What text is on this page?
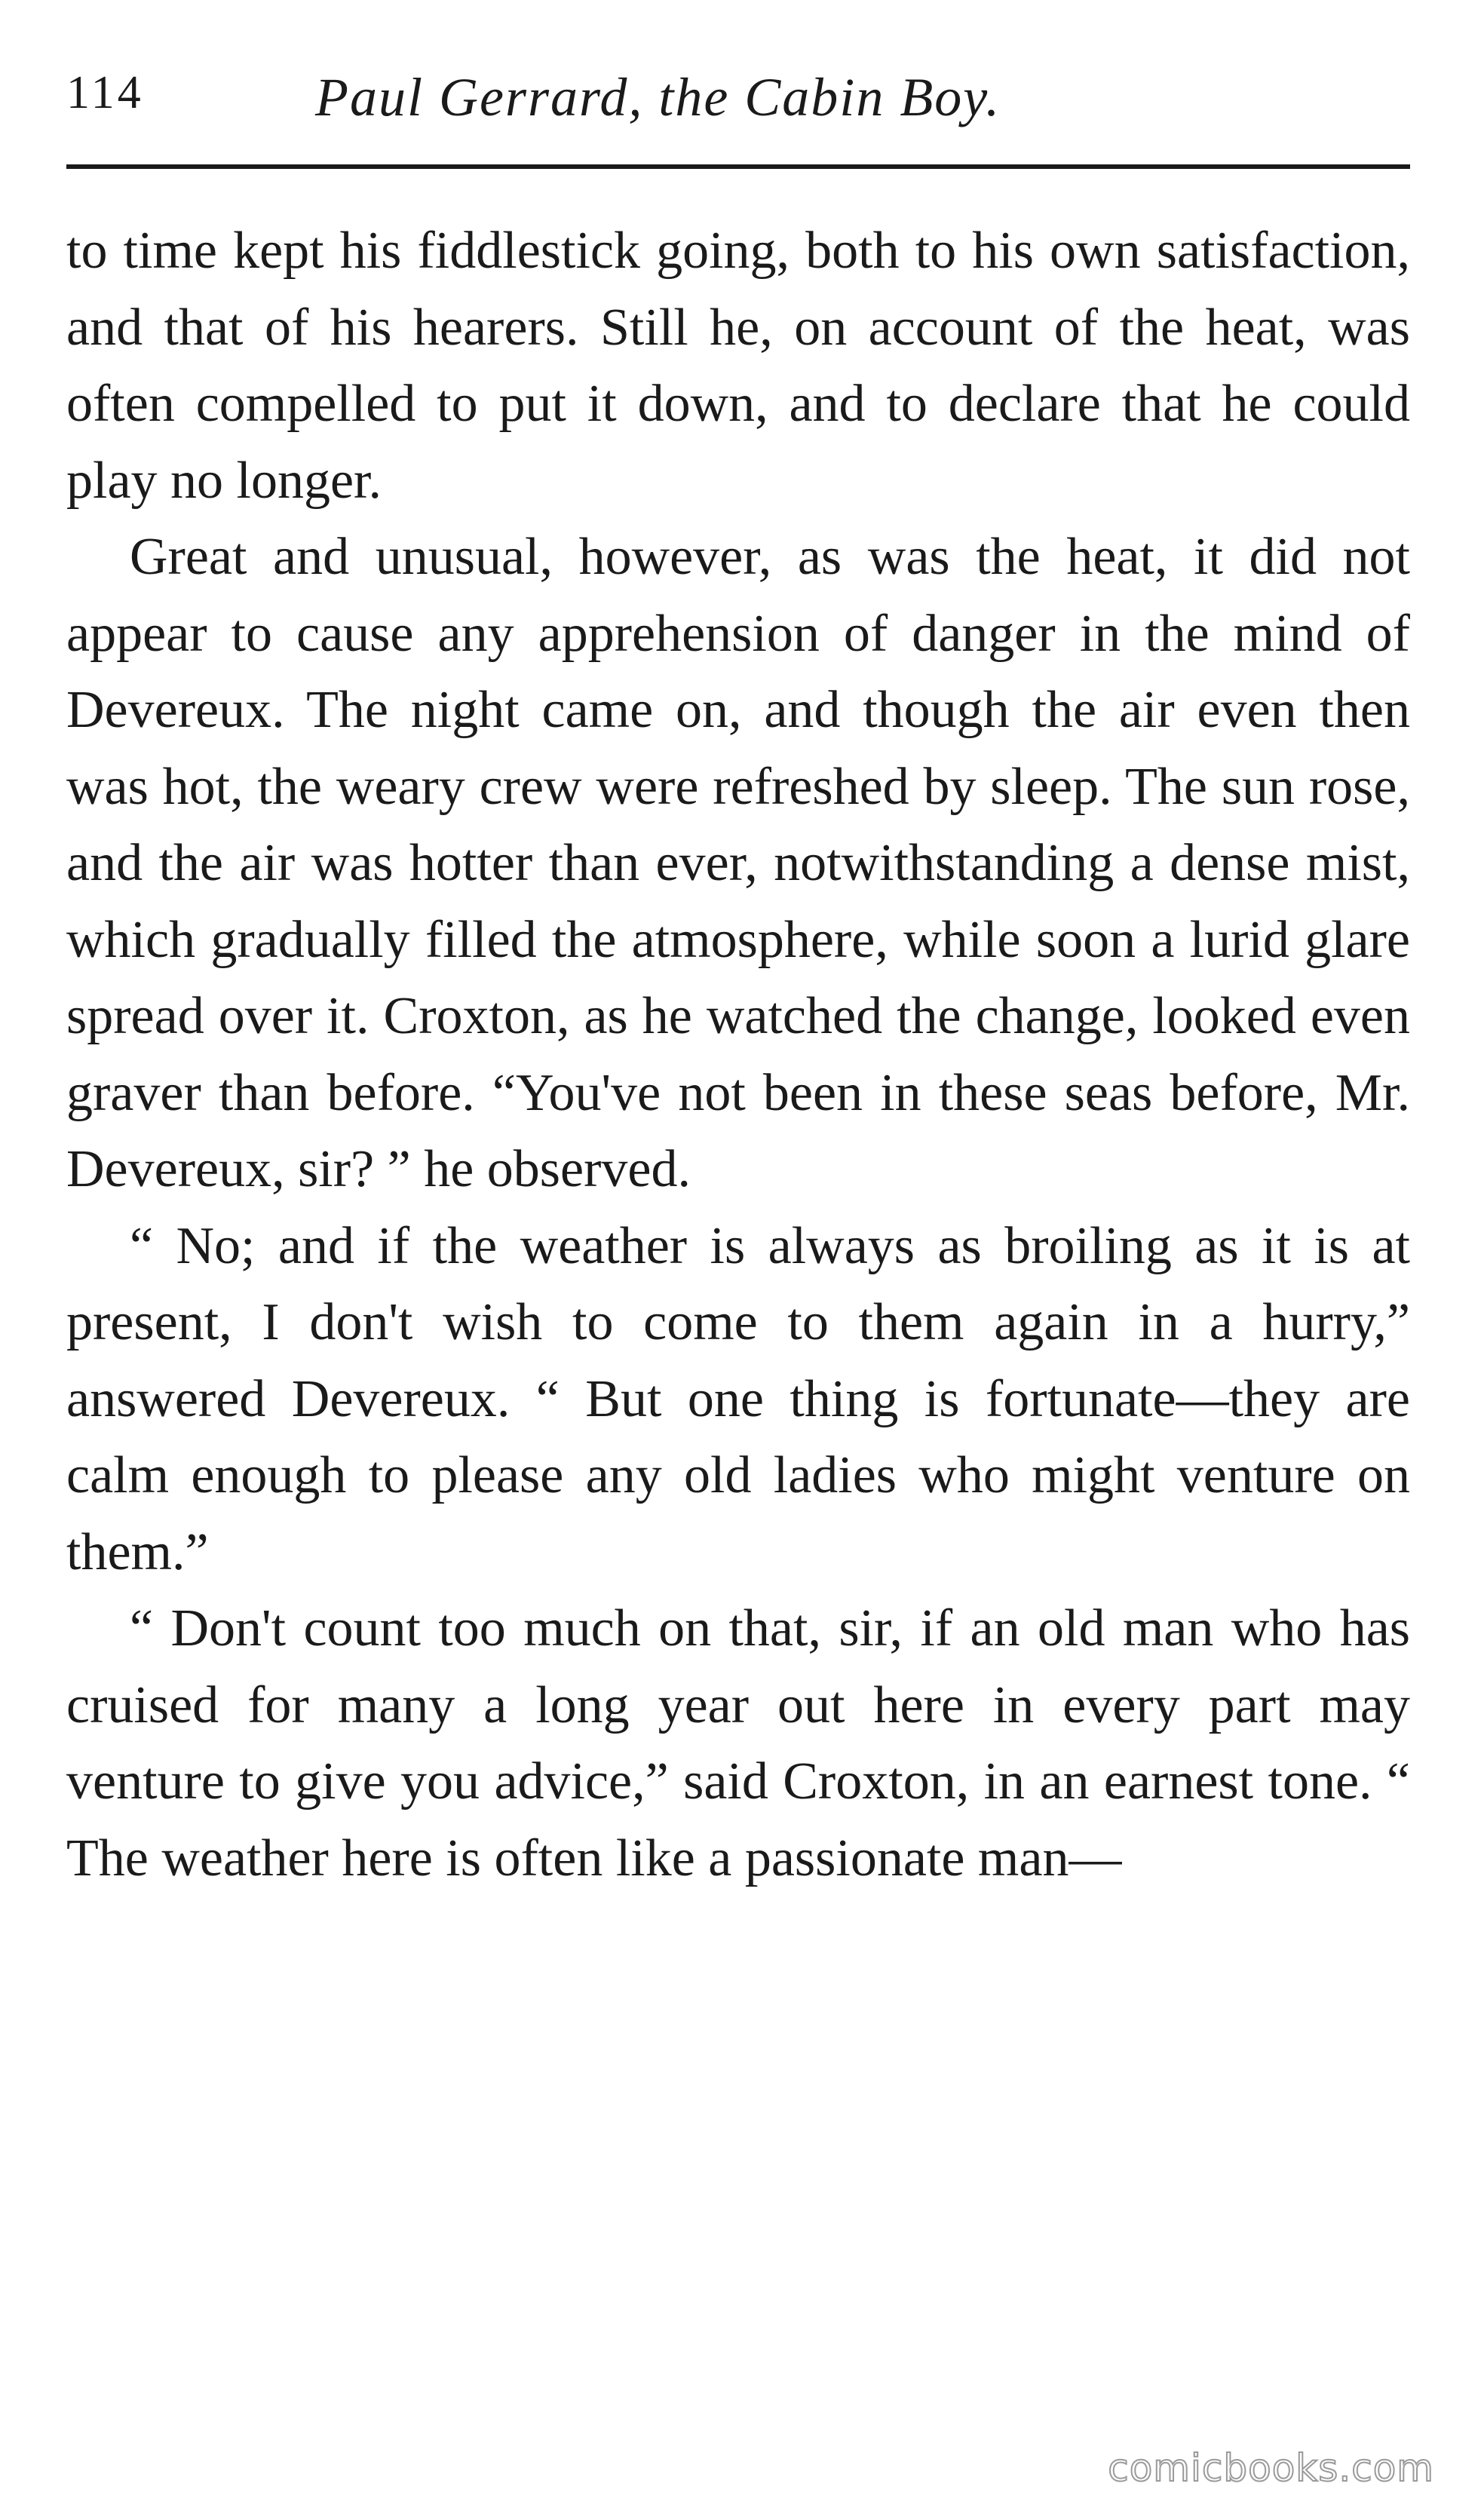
114	Paul Gerrard, the Cabin Boy.

to time kept his fiddlestick going, both to his own satisfaction, and that of his hearers. Still he, on account of the heat, was often compelled to put it down, and to declare that he could play no longer.

Great and unusual, however, as was the heat, it did not appear to cause any apprehension of danger in the mind of Devereux. The night came on, and though the air even then was hot, the weary crew were refreshed by sleep. The sun rose, and the air was hotter than ever, notwithstanding a dense mist, which gradually filled the atmosphere, while soon a lurid glare spread over it. Croxton, as he watched the change, looked even graver than before. “You've not been in these seas before, Mr. Devereux, sir? ” he observed.

“ No; and if the weather is always as broiling as it is at present, I don't wish to come to them again in a hurry,” answered Devereux. “ But one thing is fortunate—they are calm enough to please any old ladies who might venture on them.”

“ Don't count too much on that, sir, if an old man who has cruised for many a long year out here in every part may venture to give you advice,” said Croxton, in an earnest tone. “ The weather here is often like a passionate man—

comicbooks.com
